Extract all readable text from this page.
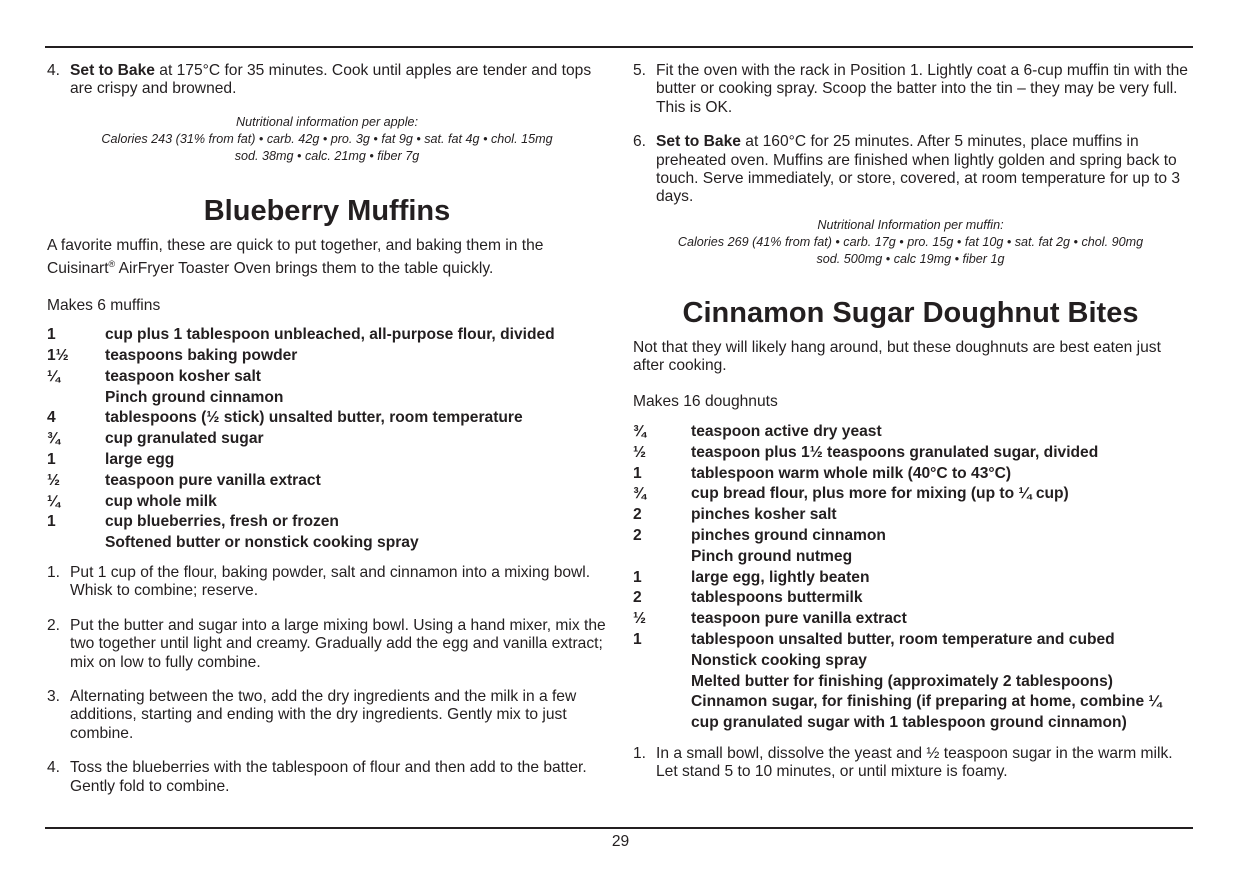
4. Set to Bake at 175°C for 35 minutes. Cook until apples are tender and tops are crispy and browned.
Nutritional information per apple:
Calories 243 (31% from fat) • carb. 42g • pro. 3g • fat 9g • sat. fat 4g • chol. 15mg
sod. 38mg • calc. 21mg • fiber 7g
Blueberry Muffins

A favorite muffin, these are quick to put together, and baking them in the Cuisinart® AirFryer Toaster Oven brings them to the table quickly.

Makes 6 muffins

1	cup plus 1 tablespoon unbleached, all-purpose flour, divided
1½	teaspoons baking powder
¼	teaspoon kosher salt
Pinch ground cinnamon
4	tablespoons (½ stick) unsalted butter, room temperature
¾	cup granulated sugar
1	large egg
½	teaspoon pure vanilla extract
¼	cup whole milk
1	cup blueberries, fresh or frozen
Softened butter or nonstick cooking spray
1. Put 1 cup of the flour, baking powder, salt and cinnamon into a mixing bowl. Whisk to combine; reserve.
2. Put the butter and sugar into a large mixing bowl. Using a hand mixer, mix the two together until light and creamy. Gradually add the egg and vanilla extract; mix on low to fully combine.
3. Alternating between the two, add the dry ingredients and the milk in a few additions, starting and ending with the dry ingredients. Gently mix to just combine.
4. Toss the blueberries with the tablespoon of flour and then add to the batter. Gently fold to combine.
5. Fit the oven with the rack in Position 1. Lightly coat a 6-cup muffin tin with the butter or cooking spray. Scoop the batter into the tin – they may be very full. This is OK.
6. Set to Bake at 160°C for 25 minutes. After 5 minutes, place muffins in preheated oven. Muffins are finished when lightly golden and spring back to touch. Serve immediately, or store, covered, at room temperature for up to 3 days.
Nutritional Information per muffin:
Calories 269 (41% from fat) • carb. 17g • pro. 15g • fat 10g • sat. fat 2g • chol. 90mg
sod. 500mg • calc 19mg • fiber 1g
Cinnamon Sugar Doughnut Bites

Not that they will likely hang around, but these doughnuts are best eaten just after cooking.

Makes 16 doughnuts

¾	teaspoon active dry yeast
½	teaspoon plus 1½ teaspoons granulated sugar, divided
1	tablespoon warm whole milk (40°C to 43°C)
¾	cup bread flour, plus more for mixing (up to ¼ cup)
2	pinches kosher salt
2	pinches ground cinnamon
Pinch ground nutmeg
1	large egg, lightly beaten
2	tablespoons buttermilk
½	teaspoon pure vanilla extract
1	tablespoon unsalted butter, room temperature and cubed
Nonstick cooking spray
Melted butter for finishing (approximately 2 tablespoons)
Cinnamon sugar, for finishing (if preparing at home, combine ¼ cup granulated sugar with 1 tablespoon ground cinnamon)
1. In a small bowl, dissolve the yeast and ½ teaspoon sugar in the warm milk. Let stand 5 to 10 minutes, or until mixture is foamy.
29
